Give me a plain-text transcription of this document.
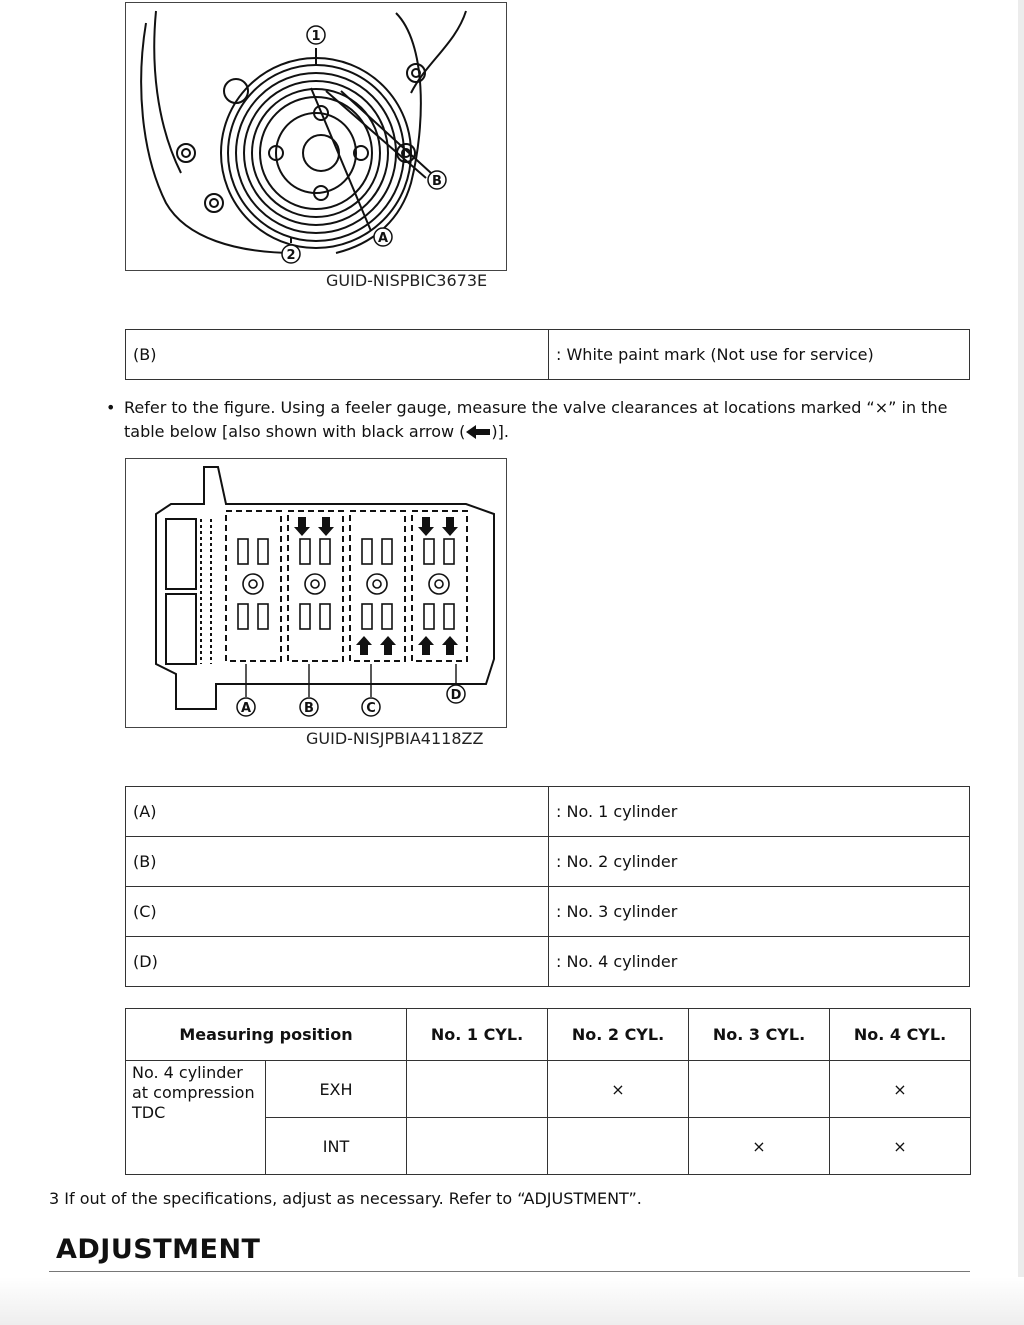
1
2
A
B
GUID-NISPBIC3673E
(B)	: White paint mark (Not use for service)
• Refer to the figure. Using a feeler gauge, measure the valve clearances at locations marked “×” in the table below [also shown with black arrow ( )].
A	B	C
D
GUID-NISJPBIA4118ZZ
(A)	: No. 1 cylinder
(B)	: No. 2 cylinder
(C)	: No. 3 cylinder
(D)	: No. 4 cylinder
Measuring position		No. 1 CYL.	No. 2 CYL.	No. 3 CYL.	No. 4 CYL.
No. 4 cylinder at compression TDC	EXH		×		×
	INT			×	×
3 If out of the specifications, adjust as necessary. Refer to “ADJUSTMENT”.
ADJUSTMENT
